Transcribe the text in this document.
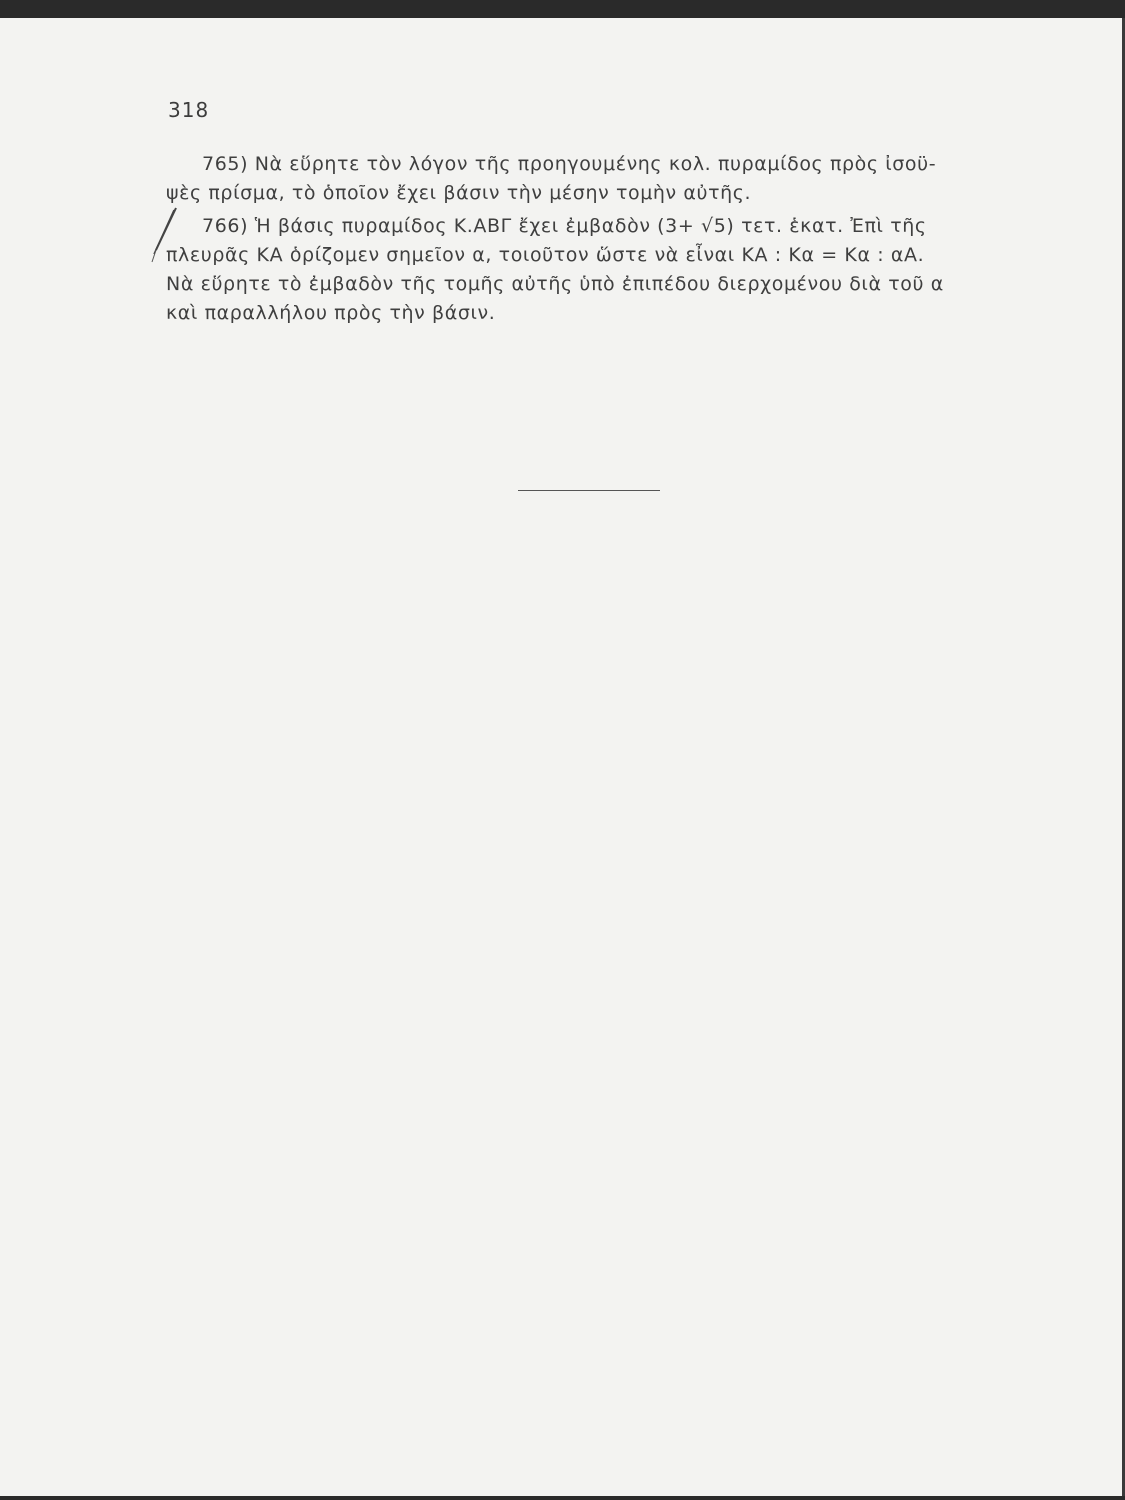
318

765) Νὰ εὕρητε τὸν λόγον τῆς προηγουμένης κολ. πυραμίδος πρὸς ἰσοϋ-
ψὲς πρίσμα, τὸ ὁποῖον ἔχει βάσιν τὴν μέσην τομὴν αὐτῆς.

766) Ἡ βάσις πυραμίδος Κ.ΑΒΓ ἔχει ἐμβαδὸν (3+ √5) τετ. ἑκατ. Ἐπὶ τῆς
πλευρᾶς ΚΑ ὁρίζομεν σημεῖον α, τοιοῦτον ὥστε νὰ εἶναι ΚΑ : Κα = Κα : αΑ.
Νὰ εὕρητε τὸ ἐμβαδὸν τῆς τομῆς αὐτῆς ὑπὸ ἐπιπέδου διερχομένου διὰ τοῦ α
καὶ παραλλήλου πρὸς τὴν βάσιν.
